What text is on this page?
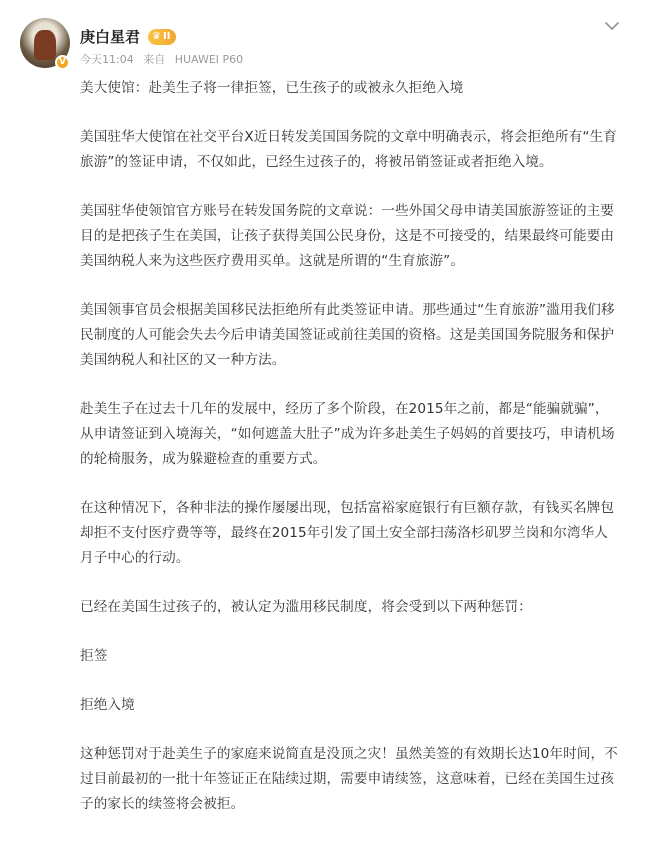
V
庚白星君 ♛ II
今天11:04 来自 HUAWEI P60

美大使馆：赴美生子将一律拒签，已生孩子的或被永久拒绝入境

美国驻华大使馆在社交平台X近日转发美国国务院的文章中明确表示，将会拒绝所有“生育旅游”的签证申请，不仅如此，已经生过孩子的，将被吊销签证或者拒绝入境。

美国驻华使领馆官方账号在转发国务院的文章说：一些外国父母申请美国旅游签证的主要目的是把孩子生在美国，让孩子获得美国公民身份，这是不可接受的，结果最终可能要由美国纳税人来为这些医疗费用买单。这就是所谓的“生育旅游”。

美国领事官员会根据美国移民法拒绝所有此类签证申请。那些通过“生育旅游”滥用我们移民制度的人可能会失去今后申请美国签证或前往美国的资格。这是美国国务院服务和保护美国纳税人和社区的又一种方法。

赴美生子在过去十几年的发展中，经历了多个阶段，在2015年之前，都是“能骗就骗”，从申请签证到入境海关，“如何遮盖大肚子”成为许多赴美生子妈妈的首要技巧，申请机场的轮椅服务，成为躲避检查的重要方式。

在这种情况下，各种非法的操作屡屡出现，包括富裕家庭银行有巨额存款，有钱买名牌包却拒不支付医疗费等等，最终在2015年引发了国土安全部扫荡洛杉矶罗兰岗和尔湾华人月子中心的行动。

已经在美国生过孩子的，被认定为滥用移民制度，将会受到以下两种惩罚：

拒签

拒绝入境

这种惩罚对于赴美生子的家庭来说简直是没顶之灾！虽然美签的有效期长达10年时间，不过目前最初的一批十年签证正在陆续过期，需要申请续签，这意味着，已经在美国生过孩子的家长的续签将会被拒。
